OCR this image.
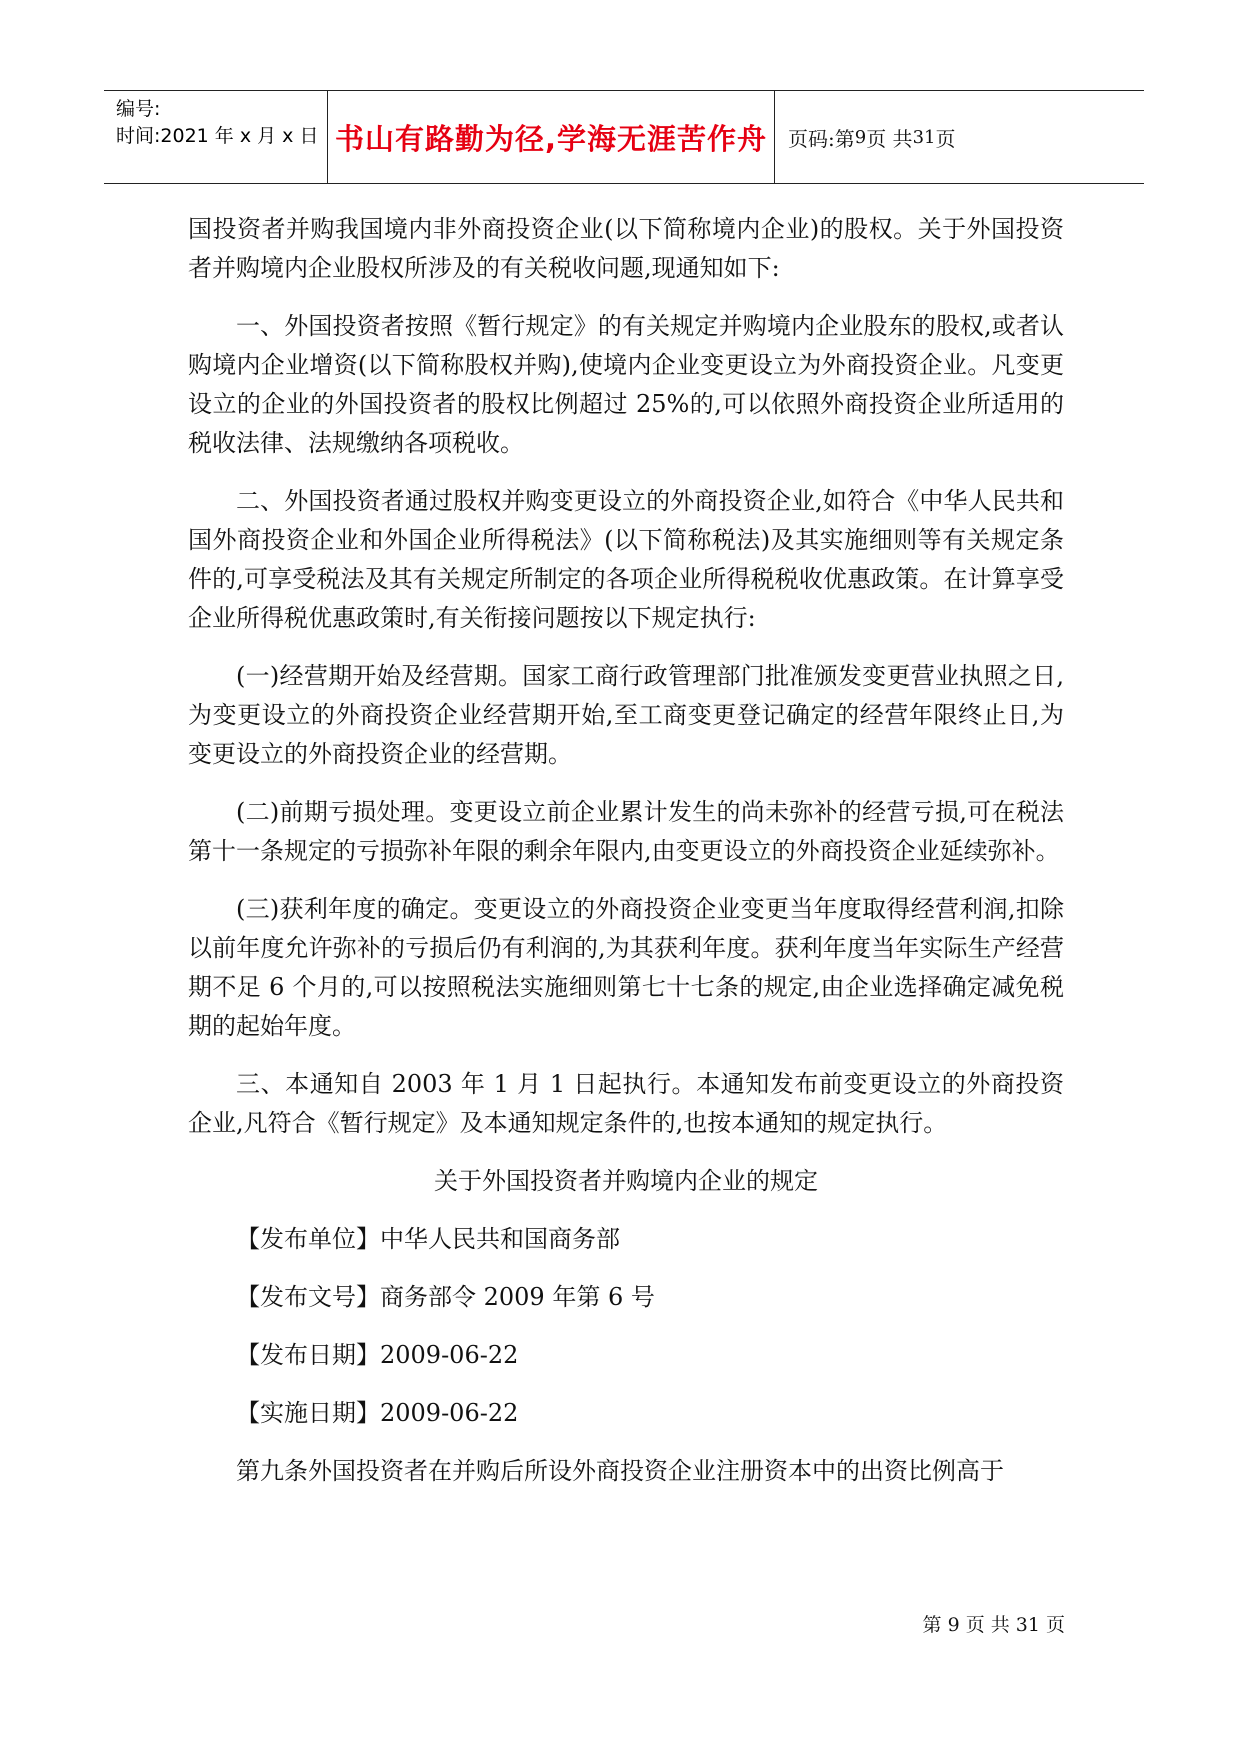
编号:
时间:2021 年 x 月 x 日 书山有路勤为径,学海无涯苦作舟 页码:第 9 页 共 31 页

国投资者并购我国境内非外商投资企业(以下简称境内企业)的股权。关于外国投资者并购境内企业股权所涉及的有关税收问题,现通知如下:

一、外国投资者按照《暂行规定》的有关规定并购境内企业股东的股权,或者认购境内企业增资(以下简称股权并购),使境内企业变更设立为外商投资企业。凡变更设立的企业的外国投资者的股权比例超过 25%的,可以依照外商投资企业所适用的税收法律、法规缴纳各项税收。

二、外国投资者通过股权并购变更设立的外商投资企业,如符合《中华人民共和国外商投资企业和外国企业所得税法》(以下简称税法)及其实施细则等有关规定条件的,可享受税法及其有关规定所制定的各项企业所得税税收优惠政策。在计算享受企业所得税优惠政策时,有关衔接问题按以下规定执行:

(一)经营期开始及经营期。国家工商行政管理部门批准颁发变更营业执照之日,为变更设立的外商投资企业经营期开始,至工商变更登记确定的经营年限终止日,为变更设立的外商投资企业的经营期。

(二)前期亏损处理。变更设立前企业累计发生的尚未弥补的经营亏损,可在税法第十一条规定的亏损弥补年限的剩余年限内,由变更设立的外商投资企业延续弥补。

(三)获利年度的确定。变更设立的外商投资企业变更当年度取得经营利润,扣除以前年度允许弥补的亏损后仍有利润的,为其获利年度。获利年度当年实际生产经营期不足 6 个月的,可以按照税法实施细则第七十七条的规定,由企业选择确定减免税期的起始年度。

三、本通知自 2003 年 1 月 1 日起执行。本通知发布前变更设立的外商投资企业,凡符合《暂行规定》及本通知规定条件的,也按本通知的规定执行。

关于外国投资者并购境内企业的规定

【发布单位】中华人民共和国商务部

【发布文号】商务部令 2009 年第 6 号

【发布日期】2009-06-22

【实施日期】2009-06-22

第九条外国投资者在并购后所设外商投资企业注册资本中的出资比例高于

第 9 页 共 31 页
